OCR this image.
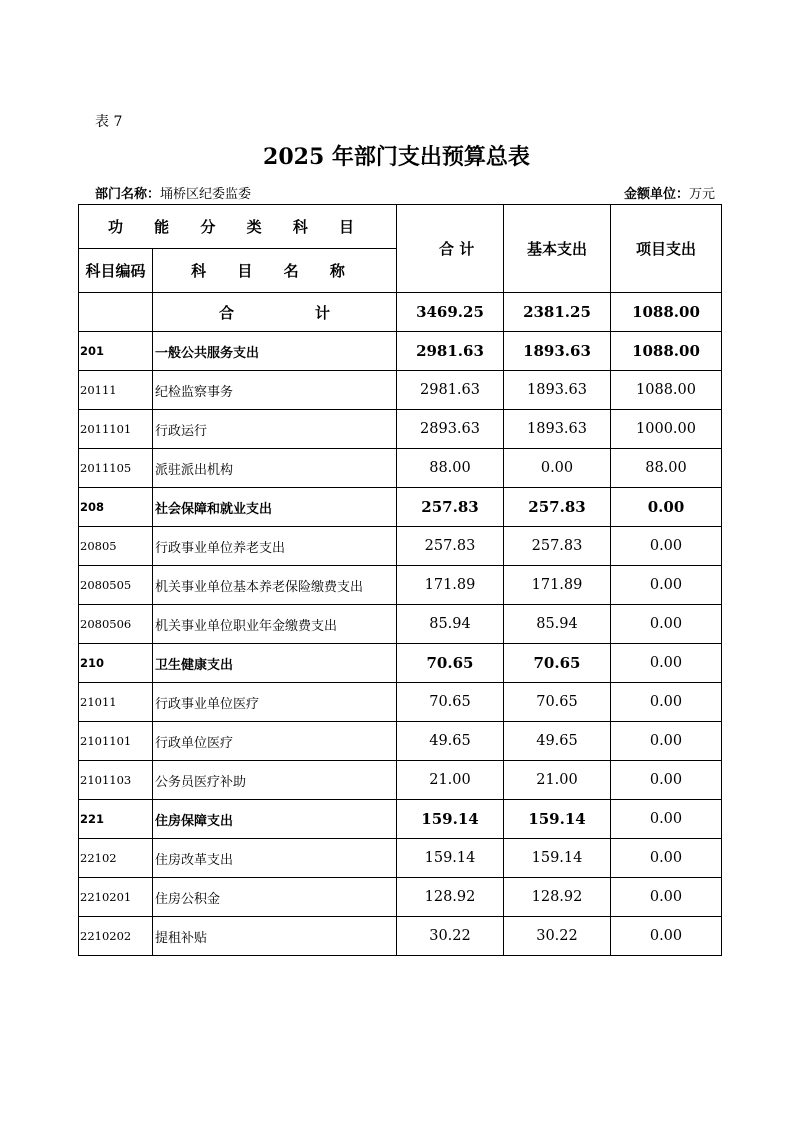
表 7
2025 年部门支出预算总表
部门名称：埇桥区纪委监委	金额单位：万元
功 能 分 类 科 目		合 计	基本支出	项目支出
科目编码	科 目 名 称			
	合 计	3469.25	2381.25	1088.00
201	一般公共服务支出	2981.63	1893.63	1088.00
20111	纪检监察事务	2981.63	1893.63	1088.00
2011101	行政运行	2893.63	1893.63	1000.00
2011105	派驻派出机构	88.00	0.00	88.00
208	社会保障和就业支出	257.83	257.83	0.00
20805	行政事业单位养老支出	257.83	257.83	0.00
2080505	机关事业单位基本养老保险缴费支出	171.89	171.89	0.00
2080506	机关事业单位职业年金缴费支出	85.94	85.94	0.00
210	卫生健康支出	70.65	70.65	0.00
21011	行政事业单位医疗	70.65	70.65	0.00
2101101	行政单位医疗	49.65	49.65	0.00
2101103	公务员医疗补助	21.00	21.00	0.00
221	住房保障支出	159.14	159.14	0.00
22102	住房改革支出	159.14	159.14	0.00
2210201	住房公积金	128.92	128.92	0.00
2210202	提租补贴	30.22	30.22	0.00
